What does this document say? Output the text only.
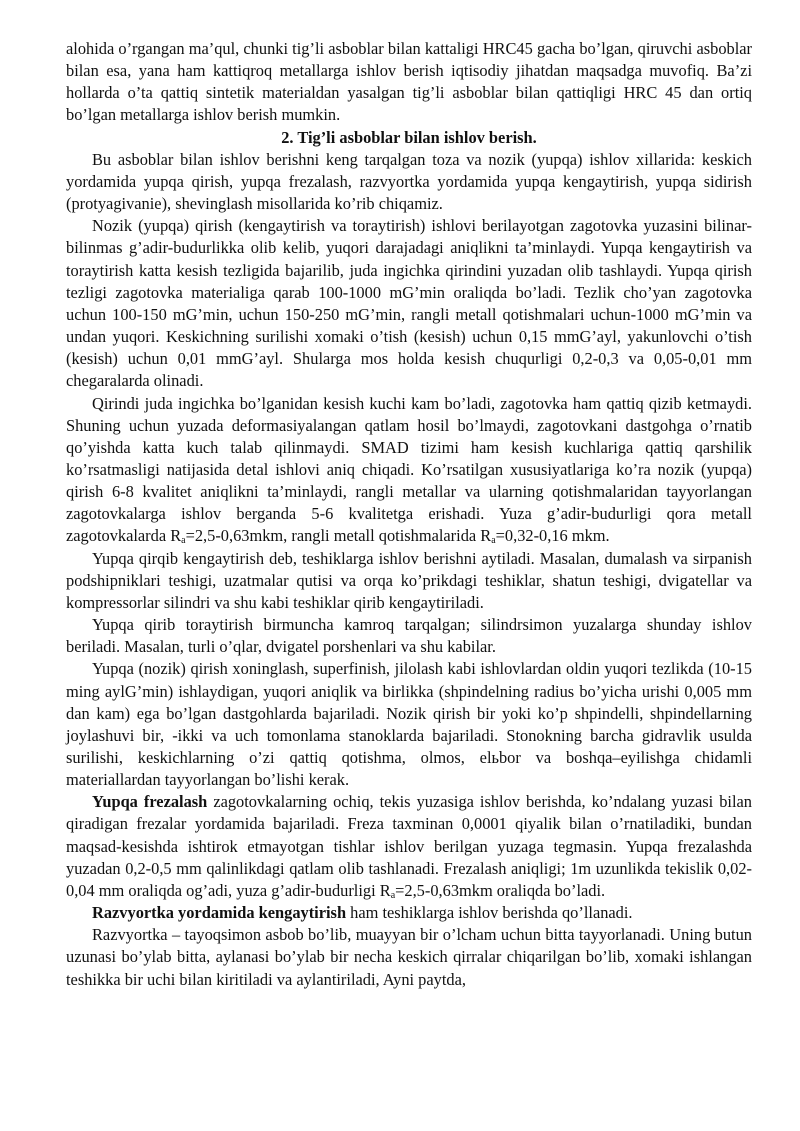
alohida o’rgangan ma’qul, chunki tig’li asboblar bilan kattaligi HRC45 gacha bo’lgan, qiruvchi asboblar bilan esa, yana ham kattiqroq metallarga ishlov berish iqtisodiy jihatdan maqsadga muvofiq. Ba’zi hollarda o’ta qattiq sintetik materialdan yasalgan tig’li asboblar bilan qattiqligi HRC 45 dan ortiq bo’lgan metallarga ishlov berish mumkin.

2. Tig’li asboblar bilan ishlov berish.

Bu asboblar bilan ishlov berishni keng tarqalgan toza va nozik (yupqa) ishlov xillarida: keskich yordamida yupqa qirish, yupqa frezalash, razvyortka yordamida yupqa kengaytirish, yupqa sidirish (protyagivanie), shevinglash misollarida ko’rib chiqamiz.

Nozik (yupqa) qirish (kengaytirish va toraytirish) ishlovi berilayotgan zagotovka yuzasini bilinar-bilinmas g’adir-budurlikka olib kelib, yuqori darajadagi aniqlikni ta’minlaydi. Yupqa kengaytirish va toraytirish katta kesish tezligida bajarilib, juda ingichka qirindini yuzadan olib tashlaydi. Yupqa qirish tezligi zagotovka materialiga qarab 100-1000 mG’min oraliqda bo’ladi. Tezlik cho’yan zagotovka uchun 100-150 mG’min, uchun 150-250 mG’min, rangli metall qotishmalari uchun-1000 mG’min va undan yuqori. Keskichning surilishi xomaki o’tish (kesish) uchun 0,15 mmG’ayl, yakunlovchi o’tish (kesish) uchun 0,01 mmG’ayl. Shularga mos holda kesish chuqurligi 0,2-0,3 va 0,05-0,01 mm chegaralarda olinadi.

Qirindi juda ingichka bo’lganidan kesish kuchi kam bo’ladi, zagotovka ham qattiq qizib ketmaydi. Shuning uchun yuzada deformasiyalangan qatlam hosil bo’lmaydi, zagotovkani dastgohga o’rnatib qo’yishda katta kuch talab qilinmaydi. SMAD tizimi ham kesish kuchlariga qattiq qarshilik ko’rsatmasligi natijasida detal ishlovi aniq chiqadi. Ko’rsatilgan xususiyatlariga ko’ra nozik (yupqa) qirish 6-8 kvalitet aniqlikni ta’minlaydi, rangli metallar va ularning qotishmalaridan tayyorlangan zagotovkalarga ishlov berganda 5-6 kvalitetga erishadi. Yuza g’adir-budurligi qora metall zagotovkalarda $R_a=2,5-0,63mkm$, rangli metall qotishmalarida $R_a=0,32-0,16$ mkm.

Yupqa qirqib kengaytirish deb, teshiklarga ishlov berishni aytiladi. Masalan, dumalash va sirpanish podshipniklari teshigi, uzatmalar qutisi va orqa ko’prikdagi teshiklar, shatun teshigi, dvigatellar va kompressorlar silindri va shu kabi teshiklar qirib kengaytiriladi.

Yupqa qirib toraytirish birmuncha kamroq tarqalgan; silindrsimon yuzalarga shunday ishlov beriladi. Masalan, turli o’qlar, dvigatel porshenlari va shu kabilar.

Yupqa (nozik) qirish xoninglash, superfinish, jilolash kabi ishlovlardan oldin yuqori tezlikda (10-15 ming aylG’min) ishlaydigan, yuqori aniqlik va birlikka (shpindelning radius bo’yicha urishi 0,005 mm dan kam) ega bo’lgan dastgohlarda bajariladi. Nozik qirish bir yoki ko’p shpindelli, shpindellarning joylashuvi bir, -ikki va uch tomonlama stanoklarda bajariladi. Stonokning barcha gidravlik usulda surilishi, keskichlarning o’zi qattiq qotishma, olmos, elьbor va boshqa–eyilishga chidamli materiallardan tayyorlangan bo’lishi kerak.

Yupqa frezalash zagotovkalarning ochiq, tekis yuzasiga ishlov berishda, ko’ndalang yuzasi bilan qiradigan frezalar yordamida bajariladi. Freza taxminan 0,0001 qiyalik bilan o’rnatiladiki, bundan maqsad-kesishda ishtirok etmayotgan tishlar ishlov berilgan yuzaga tegmasin. Yupqa frezalashda yuzadan 0,2-0,5 mm qalinlikdagi qatlam olib tashlanadi. Frezalash aniqligi; 1m uzunlikda tekislik 0,02-0,04 mm oraliqda og’adi, yuza g’adir-budurligi $R_a=2,5-0,63mkm$ oraliqda bo’ladi.

Razvyortka yordamida kengaytirish ham teshiklarga ishlov berishda qo’llanadi.

Razvyortka – tayoqsimon asbob bo’lib, muayyan bir o’lcham uchun bitta tayyorlanadi. Uning butun uzunasi bo’ylab bitta, aylanasi bo’ylab bir necha keskich qirralar chiqarilgan bo’lib, xomaki ishlangan teshikka bir uchi bilan kiritiladi va aylantiriladi, Ayni paytda,
